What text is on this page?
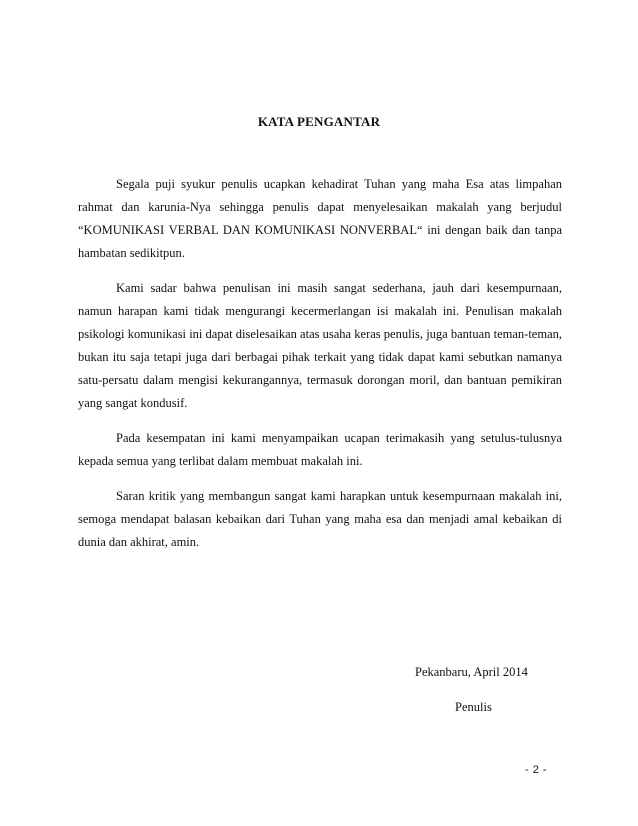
KATA PENGANTAR

Segala puji syukur penulis ucapkan kehadirat Tuhan yang maha Esa atas limpahan rahmat dan karunia-Nya sehingga penulis dapat menyelesaikan makalah yang berjudul “KOMUNIKASI VERBAL DAN KOMUNIKASI NONVERBAL“ ini dengan baik dan tanpa hambatan sedikitpun.

Kami sadar bahwa penulisan ini masih sangat sederhana, jauh dari kesempurnaan, namun harapan kami tidak mengurangi kecermerlangan isi makalah ini. Penulisan makalah psikologi komunikasi ini dapat diselesaikan atas usaha keras penulis, juga bantuan teman-teman, bukan itu saja tetapi juga dari berbagai pihak terkait yang tidak dapat kami sebutkan namanya satu-persatu dalam mengisi kekurangannya, termasuk dorongan moril, dan bantuan pemikiran yang sangat kondusif.

Pada kesempatan ini kami menyampaikan ucapan terimakasih yang setulus-tulusnya kepada semua yang terlibat dalam membuat makalah ini.

Saran kritik yang membangun sangat kami harapkan untuk kesempurnaan makalah ini, semoga mendapat balasan kebaikan dari Tuhan yang maha esa dan menjadi amal kebaikan di dunia dan akhirat, amin.

Pekanbaru, April 2014
Penulis
- 2 -
